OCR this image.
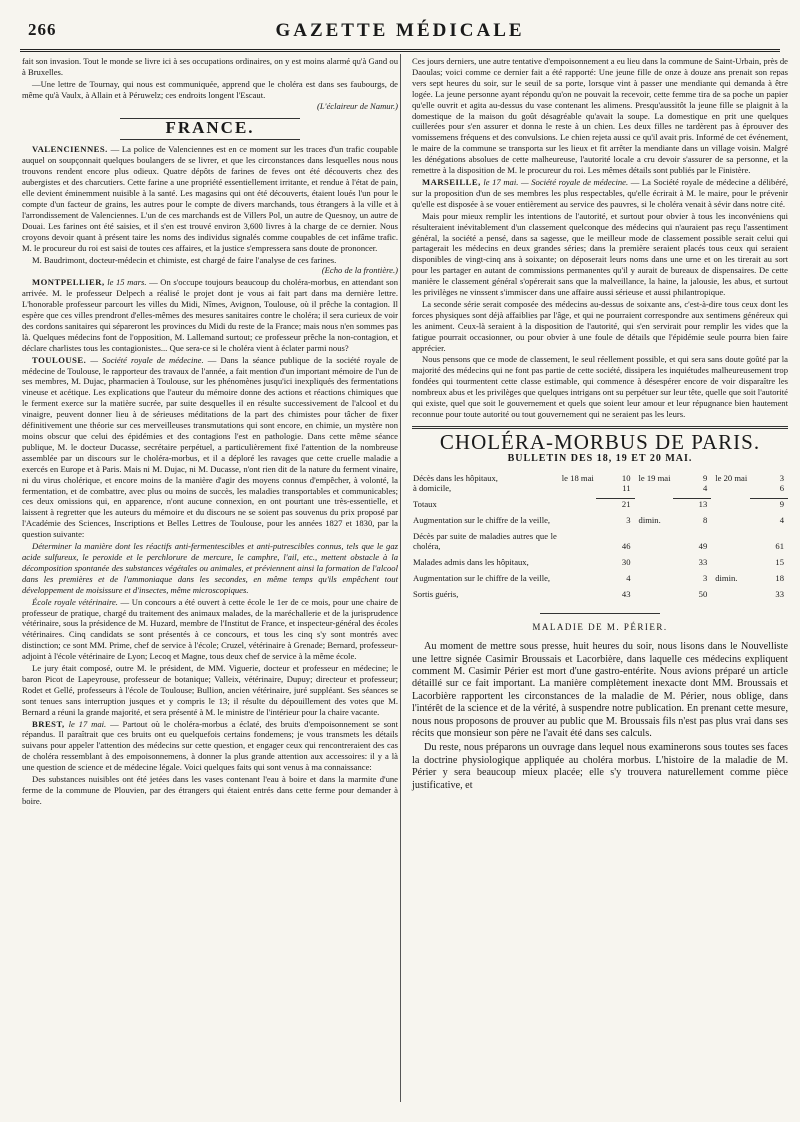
266	GAZETTE MÉDICALE

fait son invasion. Tout le monde se livre ici à ses occupations ordinaires, on y est moins alarmé qu'à Gand ou à Bruxelles.

—Une lettre de Tournay, qui nous est communiquée, apprend que le choléra est dans ses faubourgs, de même qu'à Vaulx, à Allain et à Péruwelz; ces endroits longent l'Escaut.
(L'éclaireur de Namur.)

FRANCE.

VALENCIENNES. — La police de Valenciennes est en ce moment sur les traces d'un trafic coupable auquel on soupçonnait quelques boulangers de se livrer, et que les circonstances dans lesquelles nous nous trouvons rendent encore plus odieux. Quatre dépôts de farines de feves ont été découverts chez des aubergistes et des charcutiers. Cette farine a une propriété essentiellement irritante, et rendue à l'état de pain, elle devient éminemment nuisible à la santé. Les magasins qui ont été découverts, étaient loués l'un pour le compte d'un facteur de grains, les autres pour le compte de divers marchands, tous étrangers à la ville et à l'arrondissement de Valenciennes. L'un de ces marchands est de Villers Pol, un autre de Quesnoy, un autre de Douai. Les farines ont été saisies, et il s'en est trouvé environ 3,600 livres à la charge de ce dernier. Nous croyons devoir quant à présent taire les noms des individus signalés comme coupables de cet infâme trafic. M. le procureur du roi est saisi de toutes ces affaires, et la justice s'empressera sans doute de prononcer.

M. Baudrimont, docteur-médecin et chimiste, est chargé de faire l'analyse de ces farines.
(Echo de la frontière.)

MONTPELLIER, le 15 mars. — On s'occupe toujours beaucoup du choléra-morbus, en attendant son arrivée. M. le professeur Delpech a réalisé le projet dont je vous ai fait part dans ma dernière lettre. L'honorable professeur parcourt les villes du Midi, Nîmes, Avignon, Toulouse, où il prêche la contagion. Il espère que ces villes prendront d'elles-mêmes des mesures sanitaires contre le choléra; il sera curieux de voir des cordons sanitaires qui sépareront les provinces du Midi du reste de la France; mais nous n'en sommes pas là. Quelques médecins font de l'opposition, M. Lallemand surtout; ce professeur prêche la non-contagion, et déclare charlistes tous les contagionistes... Que sera-ce si le choléra vient à éclater parmi nous?

TOULOUSE. — Société royale de médecine. — Dans la séance publique de la société royale de médecine de Toulouse, le rapporteur des travaux de l'année, a fait mention d'un important mémoire de l'un de ses membres, M. Dujac, pharmacien à Toulouse, sur les phénomènes jusqu'ici inexpliqués des fermentations vineuse et acétique. Les explications que l'auteur du mémoire donne des actions et réactions chimiques que le ferment exerce sur la matière sucrée, par suite desquelles il en résulte successivement de l'alcool et du vinaigre, peuvent donner lieu à de sérieuses méditations de la part des chimistes pour tâcher de fixer définitivement une théorie sur ces merveilleuses transmutations qui sont encore, en chimie, un mystère non moins obscur que celui des épidémies et des contagions l'est en pathologie. Dans cette même séance publique, M. le docteur Ducasse, secrétaire perpétuel, a particulièrement fixé l'attention de la nombreuse assemblée par un discours sur le choléra-morbus, et il a déploré les ravages que cette cruelle maladie a exercés en Europe et à Paris. Mais ni M. Dujac, ni M. Ducasse, n'ont rien dit de la nature du ferment vinaire, ni du virus cholérique, et encore moins de la manière d'agir des moyens connus d'empêcher, à volonté, la fermentation, et de combattre, avec plus ou moins de succès, les maladies transportables et communicables; ces deux omissions qui, en apparence, n'ont aucune connexion, en ont pourtant une très-essentielle, et laissent à regretter que les auteurs du mémoire et du discours ne se soient pas souvenus du prix proposé par l'Académie des Sciences, Inscriptions et Belles Lettres de Toulouse, pour les années 1827 et 1830, par la question suivante:

Déterminer la manière dont les réactifs anti-fermentescibles et anti-putrescibles connus, tels que le gaz acide sulfureux, le peroxide et le perchlorure de mercure, le camphre, l'ail, etc., mettent obstacle à la décomposition spontanée des substances végétales ou animales, et préviennent ainsi la formation de l'alcool dans les premières et de l'ammoniaque dans les secondes, en même temps qu'ils empêchent tout développement de moisissure et d'insectes, même microscopiques.

École royale vétérinaire. — Un concours a été ouvert à cette école le 1er de ce mois, pour une chaire de professeur de pratique, chargé du traitement des animaux malades, de la maréchallerie et de la jurisprudence vétérinaire, sous la présidence de M. Huzard, membre de l'Institut de France, et inspecteur-général des écoles vétérinaires. Cinq candidats se sont présentés à ce concours, et tous les cinq s'y sont montrés avec distinction; ce sont MM. Prime, chef de service à l'école; Cruzel, vétérinaire à Grenade; Bernard, professeur-adjoint à l'école vétérinaire de Lyon; Lecoq et Magne, tous deux chef de service à la même école.

Le jury était composé, outre M. le président, de MM. Viguerie, docteur et professeur en médecine; le baron Picot de Lapeyrouse, professeur de botanique; Valleix, vétérinaire, Dupuy; directeur et professeur; Rodet et Gellé, professeurs à l'école de Toulouse; Bullion, ancien vétérinaire, juré suppléant. Ses séances se sont tenues sans interruption jusques et y compris le 13; il résulte du dépouillement des votes que M. Bernard a réuni la grande majorité, et sera présenté à M. le ministre de l'intérieur pour la chaire vacante.

BREST, le 17 mai. — Partout où le choléra-morbus a éclaté, des bruits d'empoisonnement se sont répandus. Il paraîtrait que ces bruits ont eu quelquefois certains fondemens; je vous transmets les détails suivans pour appeler l'attention des médecins sur cette question, et engager ceux qui rencontreraient des cas de choléra ressemblant à des empoisonnemens, à donner la plus grande attention aux accessoires: il y a là une question de science et de médecine légale. Voici quelques faits qui sont venus à ma connaissance:

Des substances nuisibles ont été jetées dans les vases contenant l'eau à boire et dans la marmite d'une ferme de la commune de Plouvien, par des étrangers qui étaient entrés dans cette ferme pour demander à boire.

Ces jours derniers, une autre tentative d'empoisonnement a eu lieu dans la commune de Saint-Urbain, près de Daoulas; voici comme ce dernier fait a été rapporté: Une jeune fille de onze à douze ans prenait son repas vers sept heures du soir, sur le seuil de sa porte, lorsque vint à passer une mendiante qui demanda à être logée. La jeune personne ayant répondu qu'on ne pouvait la recevoir, cette femme tira de sa poche un papier qu'elle ouvrit et agita au-dessus du vase contenant les alimens. Presqu'aussitôt la jeune fille se plaignit à la domestique de la maison du goût désagréable qu'avait la soupe. La domestique en prit une quelques cuillerées pour s'en assurer et donna le reste à un chien. Les deux filles ne tardèrent pas à éprouver des vomissemens fréquens et des convulsions. Le chien rejeta aussi ce qu'il avait pris. Informé de cet événement, le maire de la commune se transporta sur les lieux et fit arrêter la mendiante dans un village voisin. Malgré les dénégations absolues de cette malheureuse, l'autorité locale a cru devoir s'assurer de sa personne, et la remettre à la disposition de M. le procureur du roi. Les mêmes détails sont publiés par le Finistère.

MARSEILLE, le 17 mai. — Société royale de médecine. — La Société royale de médecine a délibéré, sur la proposition d'un de ses membres les plus respectables, qu'elle écrirait à M. le maire, pour le prévenir qu'elle est disposée à se vouer entièrement au service des pauvres, si le choléra venait à sévir dans notre cité.

Mais pour mieux remplir les intentions de l'autorité, et surtout pour obvier à tous les inconvéniens qui résulteraient inévitablement d'un classement quelconque des médecins qui n'auraient pas reçu l'assentiment général, la société a pensé, dans sa sagesse, que le meilleur mode de classement possible serait celui qui partagerait les médecins en deux grandes séries; dans la première seraient placés tous ceux qui seraient disponibles de vingt-cinq ans à soixante; on déposerait leurs noms dans une urne et on les tirerait au sort pour les partager en autant de commissions permanentes qu'il y aurait de bureaux de dispensaires. De cette manière le classement général s'opérerait sans que la malveillance, la haine, la jalousie, les abus, et surtout les privilèges ne vinssent s'immiscer dans une affaire aussi sérieuse et aussi philantropique.

La seconde série serait composée des médecins au-dessus de soixante ans, c'est-à-dire tous ceux dont les forces physiques sont déjà affaiblies par l'âge, et qui ne pourraient correspondre aux sentimens généreux qui les animent. Ceux-là seraient à la disposition de l'autorité, qui s'en servirait pour remplir les vides que la fatigue pourrait occasionner, ou pour obvier à une foule de détails que l'épidémie seule pourra bien faire apprécier.

Nous pensons que ce mode de classement, le seul réellement possible, et qui sera sans doute goûté par la majorité des médecins qui ne font pas partie de cette société, dissipera les inquiétudes malheureusement trop fondées qui tourmentent cette classe estimable, qui commence à désespérer encore de voir disparaître les nombreux abus et les privilèges que quelques intrigans ont su perpétuer sur leur tête, quelle que soit l'autorité qui existe, quel que soit le gouvernement et quels que soient leur amour et leur répugnance bien hautement reconnue pour toute autorité ou tout gouvernement qui ne seraient pas les leurs.

CHOLÉRA-MORBUS DE PARIS.
BULLETIN DES 18, 19 ET 20 MAI.
Décès dans les hôpitaux,	le 18 mai	10	le 19 mai	9	le 20 mai	3
à domicile,		11		4		6

Totaux		21		13		9

Augmentation sur le chiffre de la veille,		3	dimin.	8		4

Décès par suite de maladies autres que le choléra,		46		49		61

Malades admis dans les hôpitaux,		30		33		15

Augmentation sur le chiffre de la veille,		4		3	dimin.	18

Sortis guéris,		43		50		33
MALADIE DE M. PÉRIER.

Au moment de mettre sous presse, huit heures du soir, nous lisons dans le Nouvelliste une lettre signée Casimir Broussais et Lacorbière, dans laquelle ces médecins expliquent comment M. Casimir Périer est mort d'une gastro-entérite. Nous avions préparé un article détaillé sur ce fait important. La manière complètement inexacte dont MM. Broussais et Lacorbière rapportent les circonstances de la maladie de M. Périer, nous oblige, dans l'intérêt de la science et de la vérité, à suspendre notre publication. En prenant cette mesure, nous nous proposons de prouver au public que M. Broussais fils n'est pas plus vrai dans ses récits que monsieur son père ne l'avait été dans ses calculs.

Du reste, nous préparons un ouvrage dans lequel nous examinerons sous toutes ses faces la doctrine physiologique appliquée au choléra morbus. L'histoire de la maladie de M. Périer y sera beaucoup mieux placée; elle s'y trouvera naturellement comme pièce justificative, et
